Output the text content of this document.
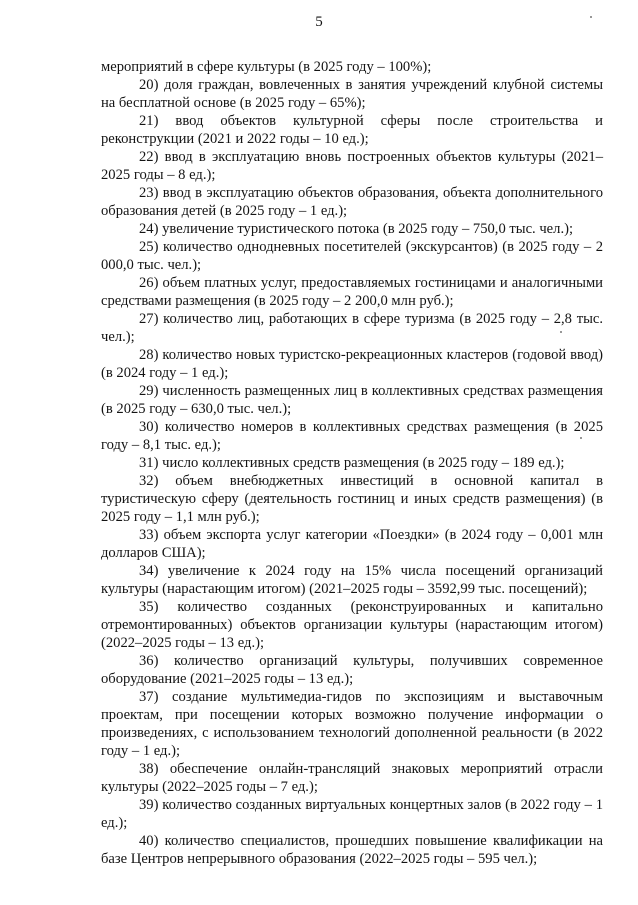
5

мероприятий в сфере культуры (в 2025 году – 100%);

20) доля граждан, вовлеченных в занятия учреждений клубной системы на бесплатной основе (в 2025 году – 65%);

21) ввод объектов культурной сферы после строительства и реконструкции (2021 и 2022 годы – 10 ед.);

22) ввод в эксплуатацию вновь построенных объектов культуры (2021–2025 годы – 8 ед.);

23) ввод в эксплуатацию объектов образования, объекта дополнительного образования детей (в 2025 году – 1 ед.);

24) увеличение туристического потока (в 2025 году – 750,0 тыс. чел.);

25) количество однодневных посетителей (экскурсантов) (в 2025 году – 2 000,0 тыс. чел.);

26) объем платных услуг, предоставляемых гостиницами и аналогичными средствами размещения (в 2025 году – 2 200,0 млн руб.);

27) количество лиц, работающих в сфере туризма (в 2025 году – 2,8 тыс. чел.);

28) количество новых туристско-рекреационных кластеров (годовой ввод) (в 2024 году – 1 ед.);

29) численность размещенных лиц в коллективных средствах размещения (в 2025 году – 630,0 тыс. чел.);

30) количество номеров в коллективных средствах размещения (в 2025 году – 8,1 тыс. ед.);

31) число коллективных средств размещения (в 2025 году – 189 ед.);

32) объем внебюджетных инвестиций в основной капитал в туристическую сферу (деятельность гостиниц и иных средств размещения) (в 2025 году – 1,1 млн руб.);

33) объем экспорта услуг категории «Поездки» (в 2024 году – 0,001 млн долларов США);

34) увеличение к 2024 году на 15% числа посещений организаций культуры (нарастающим итогом) (2021–2025 годы – 3592,99 тыс. посещений);

35) количество созданных (реконструированных и капитально отремонтированных) объектов организации культуры (нарастающим итогом) (2022–2025 годы – 13 ед.);

36) количество организаций культуры, получивших современное оборудование (2021–2025 годы – 13 ед.);

37) создание мультимедиа-гидов по экспозициям и выставочным проектам, при посещении которых возможно получение информации о произведениях, с использованием технологий дополненной реальности (в 2022 году – 1 ед.);

38) обеспечение онлайн-трансляций знаковых мероприятий отрасли культуры (2022–2025 годы – 7 ед.);

39) количество созданных виртуальных концертных залов (в 2022 году – 1 ед.);

40) количество специалистов, прошедших повышение квалификации на базе Центров непрерывного образования (2022–2025 годы – 595 чел.);
